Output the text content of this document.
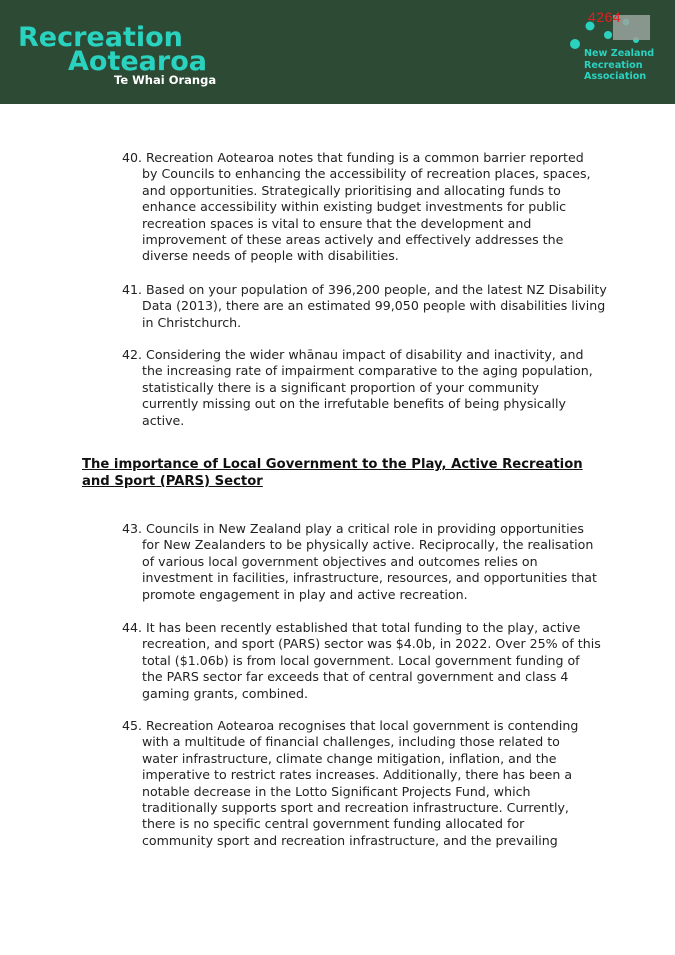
Recreation
Aotearoa
Te Whai Oranga
4264
New Zealand
Recreation
Association
40. Recreation Aotearoa notes that funding is a common barrier reported
by Councils to enhancing the accessibility of recreation places, spaces,
and opportunities. Strategically prioritising and allocating funds to
enhance accessibility within existing budget investments for public
recreation spaces is vital to ensure that the development and
improvement of these areas actively and effectively addresses the
diverse needs of people with disabilities.
41. Based on your population of 396,200 people, and the latest NZ Disability
Data (2013), there are an estimated 99,050 people with disabilities living
in Christchurch.
42. Considering the wider whānau impact of disability and inactivity, and
the increasing rate of impairment comparative to the aging population,
statistically there is a significant proportion of your community
currently missing out on the irrefutable benefits of being physically
active.
The importance of Local Government to the Play, Active Recreation
and Sport (PARS) Sector
43. Councils in New Zealand play a critical role in providing opportunities
for New Zealanders to be physically active. Reciprocally, the realisation
of various local government objectives and outcomes relies on
investment in facilities, infrastructure, resources, and opportunities that
promote engagement in play and active recreation.
44. It has been recently established that total funding to the play, active
recreation, and sport (PARS) sector was $4.0b, in 2022. Over 25% of this
total ($1.06b) is from local government. Local government funding of
the PARS sector far exceeds that of central government and class 4
gaming grants, combined.
45. Recreation Aotearoa recognises that local government is contending
with a multitude of financial challenges, including those related to
water infrastructure, climate change mitigation, inflation, and the
imperative to restrict rates increases. Additionally, there has been a
notable decrease in the Lotto Significant Projects Fund, which
traditionally supports sport and recreation infrastructure. Currently,
there is no specific central government funding allocated for
community sport and recreation infrastructure, and the prevailing
